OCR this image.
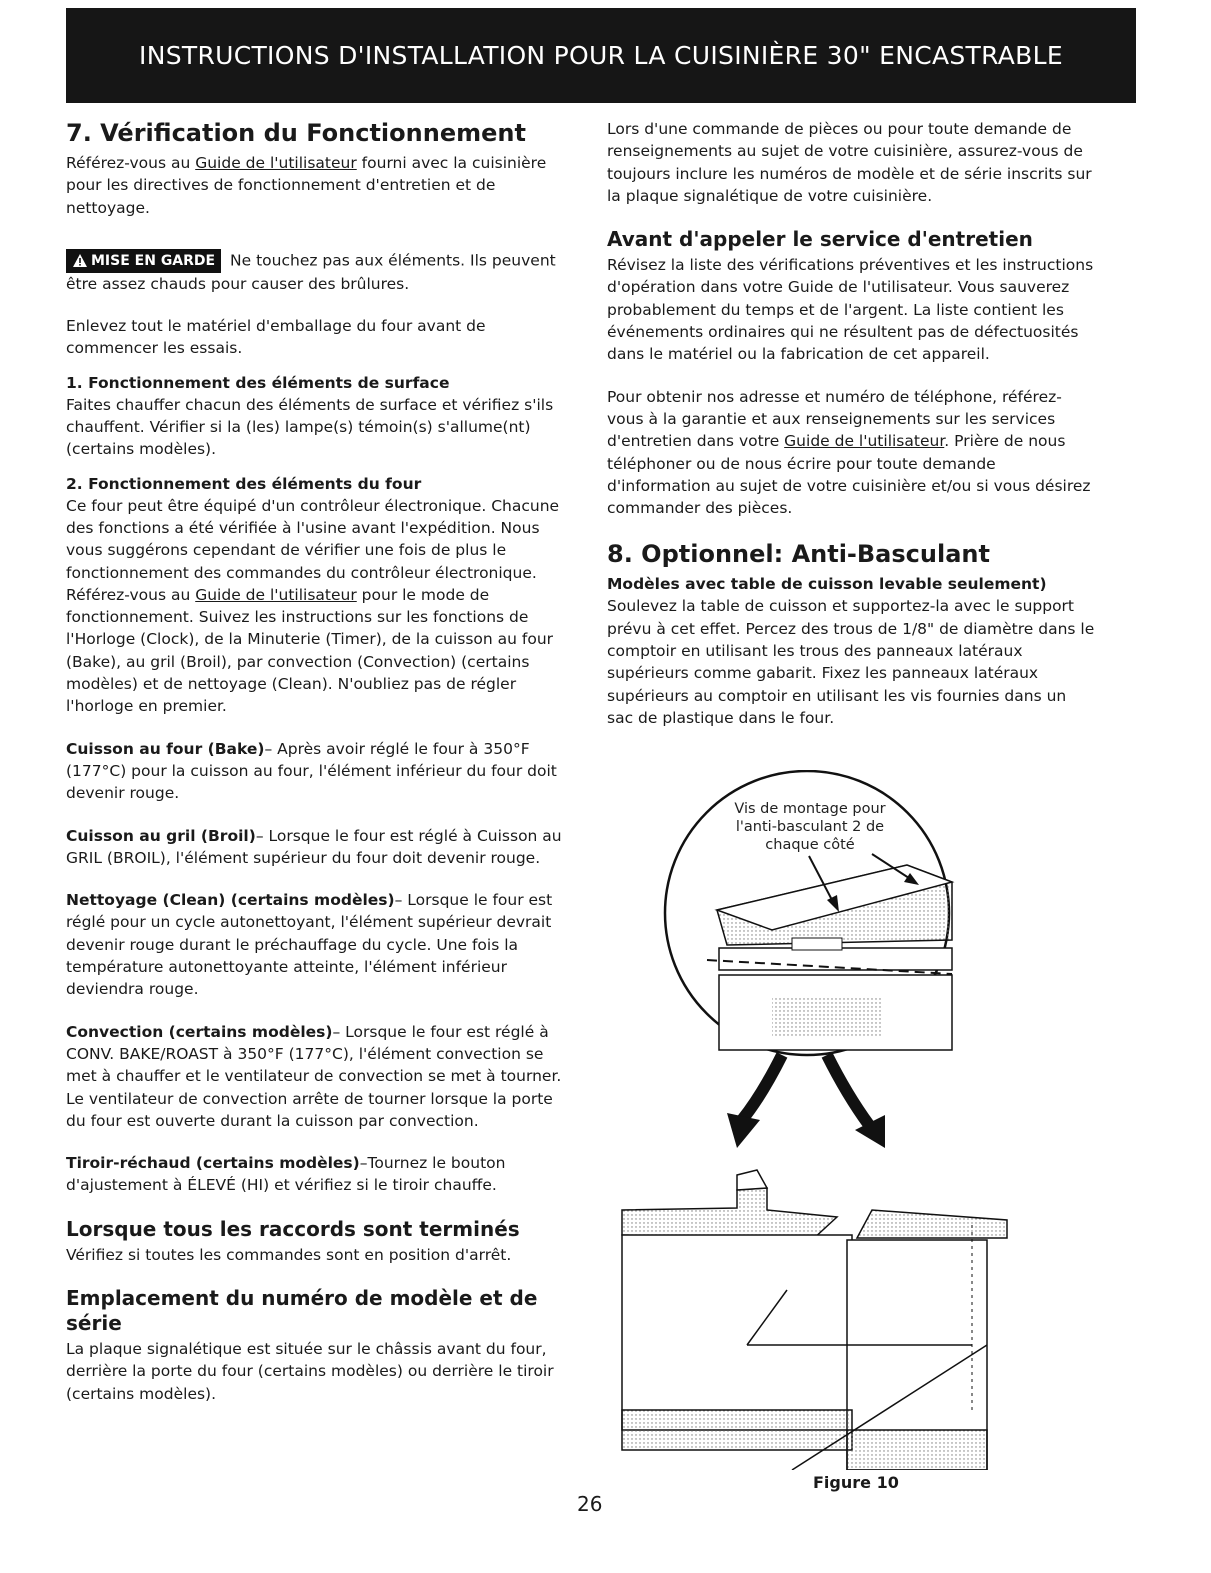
INSTRUCTIONS D'INSTALLATION POUR LA CUISINIÈRE 30" ENCASTRABLE
7. Vérification du Fonctionnement

Référez-vous au Guide de l'utilisateur fourni avec la cuisinière pour les directives de fonctionnement d'entretien et de nettoyage.

MISE EN GARDE Ne touchez pas aux éléments. Ils peuvent être assez chauds pour causer des brûlures.

Enlevez tout le matériel d'emballage du four avant de commencer les essais.

1. Fonctionnement des éléments de surface

Faites chauffer chacun des éléments de surface et vérifiez s'ils chauffent. Vérifier si la (les) lampe(s) témoin(s) s'allume(nt) (certains modèles).

2. Fonctionnement des éléments du four

Ce four peut être équipé d'un contrôleur électronique. Chacune des fonctions a été vérifiée à l'usine avant l'expédition. Nous vous suggérons cependant de vérifier une fois de plus le fonctionnement des commandes du contrôleur électronique. Référez-vous au Guide de l'utilisateur pour le mode de fonctionnement. Suivez les instructions sur les fonctions de l'Horloge (Clock), de la Minuterie (Timer), de la cuisson au four (Bake), au gril (Broil), par convection (Convection) (certains modèles) et de nettoyage (Clean). N'oubliez pas de régler l'horloge en premier.

Cuisson au four (Bake)– Après avoir réglé le four à 350°F (177°C) pour la cuisson au four, l'élément inférieur du four doit devenir rouge.

Cuisson au gril (Broil)– Lorsque le four est réglé à Cuisson au GRIL (BROIL), l'élément supérieur du four doit devenir rouge.

Nettoyage (Clean) (certains modèles)– Lorsque le four est réglé pour un cycle autonettoyant, l'élément supérieur devrait devenir rouge durant le préchauffage du cycle. Une fois la température autonettoyante atteinte, l'élément inférieur deviendra rouge.

Convection (certains modèles)– Lorsque le four est réglé à CONV. BAKE/ROAST à 350°F (177°C), l'élément convection se met à chauffer et le ventilateur de convection se met à tourner. Le ventilateur de convection arrête de tourner lorsque la porte du four est ouverte durant la cuisson par convection.

Tiroir-réchaud (certains modèles)–Tournez le bouton d'ajustement à ÉLEVÉ (HI) et vérifiez si le tiroir chauffe.

Lorsque tous les raccords sont terminés

Vérifiez si toutes les commandes sont en position d'arrêt.

Emplacement du numéro de modèle et de série

La plaque signalétique est située sur le châssis avant du four, derrière la porte du four (certains modèles) ou derrière le tiroir (certains modèles).

Lors d'une commande de pièces ou pour toute demande de renseignements au sujet de votre cuisinière, assurez-vous de toujours inclure les numéros de modèle et de série inscrits sur la plaque signalétique de votre cuisinière.

Avant d'appeler le service d'entretien

Révisez la liste des vérifications préventives et les instructions d'opération dans votre Guide de l'utilisateur. Vous sauverez probablement du temps et de l'argent. La liste contient les événements ordinaires qui ne résultent pas de défectuosités dans le matériel ou la fabrication de cet appareil.

Pour obtenir nos adresse et numéro de téléphone, référez-vous à la garantie et aux renseignements sur les services d'entretien dans votre Guide de l'utilisateur. Prière de nous téléphoner ou de nous écrire pour toute demande d'information au sujet de votre cuisinière et/ou si vous désirez commander des pièces.

8. Optionnel: Anti-Basculant
Modèles avec table de cuisson levable seulement)

Soulevez la table de cuisson et supportez-la avec le support prévu à cet effet. Percez des trous de 1/8" de diamètre dans le comptoir en utilisant les trous des panneaux latéraux supérieurs comme gabarit. Fixez les panneaux latéraux supérieurs au comptoir en utilisant les vis fournies dans un sac de plastique dans le four.

Vis de montage pour l'anti-basculant 2 de chaque côté
Figure 10
26
